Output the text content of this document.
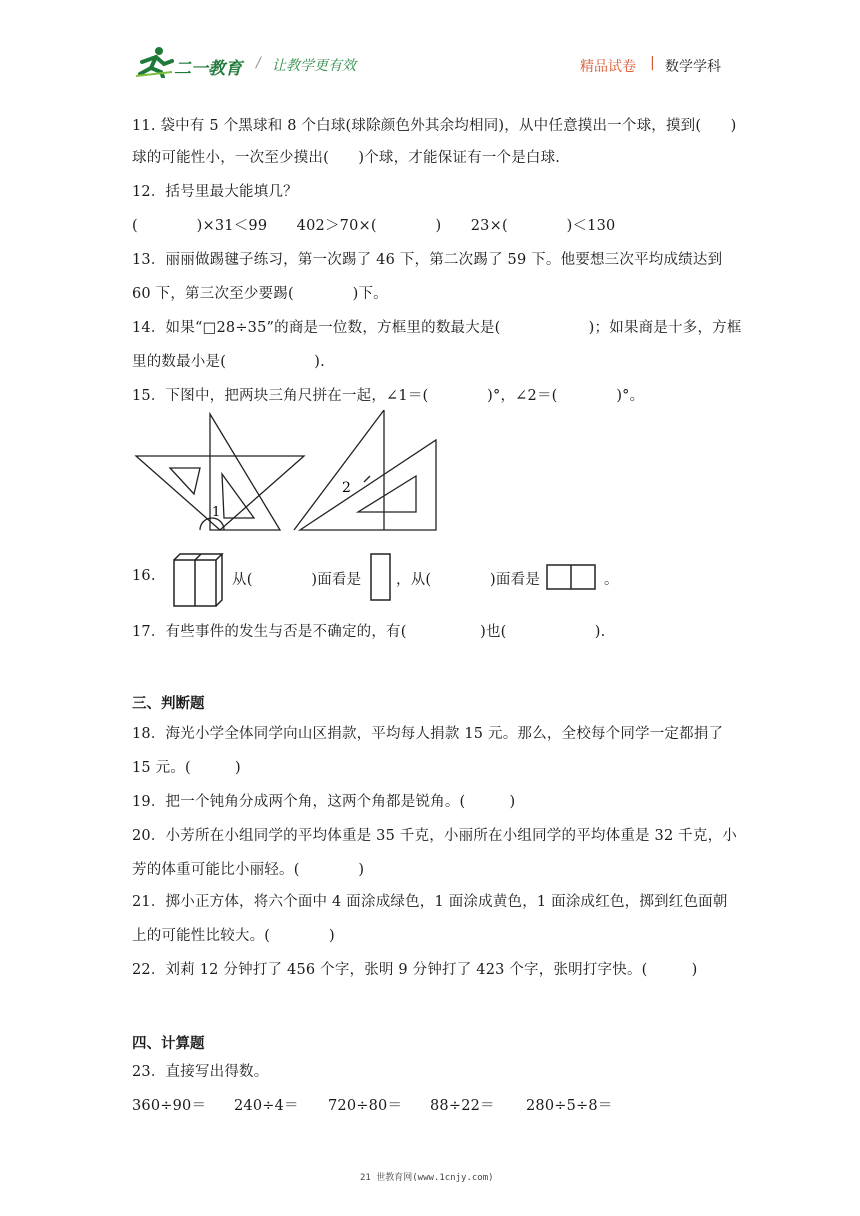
二一教育 / 让教学更有效	精品试卷 | 数学学科
11. 袋中有 5 个黑球和 8 个白球(球除颜色外其余均相同)，从中任意摸出一个球，摸到(　　)
球的可能性小，一次至少摸出(　　)个球，才能保证有一个是白球.
12．括号里最大能填几？
(　　　　)×31＜99　　402＞70×(　　　　)　　23×(　　　　)＜130
13．丽丽做踢毽子练习，第一次踢了 46 下，第二次踢了 59 下。他要想三次平均成绩达到
60 下，第三次至少要踢(　　　　)下。
14．如果“□28÷35”的商是一位数，方框里的数最大是(　　　　　　)；如果商是十多，方框
里的数最小是(　　　　　　).
15．下图中，把两块三角尺拼在一起，∠1＝(　　　　)°，∠2＝(　　　　)°。
1
2
16.	从(　　　　)面看是 ，从(　　　　)面看是	。
17．有些事件的发生与否是不确定的，有(　　　　　)也(　　　　　　).
三、判断题
18．海光小学全体同学向山区捐款，平均每人捐款 15 元。那么，全校每个同学一定都捐了
15 元。(　　　)
19．把一个钝角分成两个角，这两个角都是锐角。(　　　)
20．小芳所在小组同学的平均体重是 35 千克，小丽所在小组同学的平均体重是 32 千克，小
芳的体重可能比小丽轻。(　　　　)
21．掷小正方体，将六个面中 4 面涂成绿色，1 面涂成黄色，1 面涂成红色，掷到红色面朝
上的可能性比较大。(　　　　)
22．刘莉 12 分钟打了 456 个字，张明 9 分钟打了 423 个字，张明打字快。(　　　)
四、计算题
23．直接写出得数。
360÷90＝ 240÷4＝ 720÷80＝ 88÷22＝ 280÷5÷8＝
21 世教育网(www.1cnjy.com)
